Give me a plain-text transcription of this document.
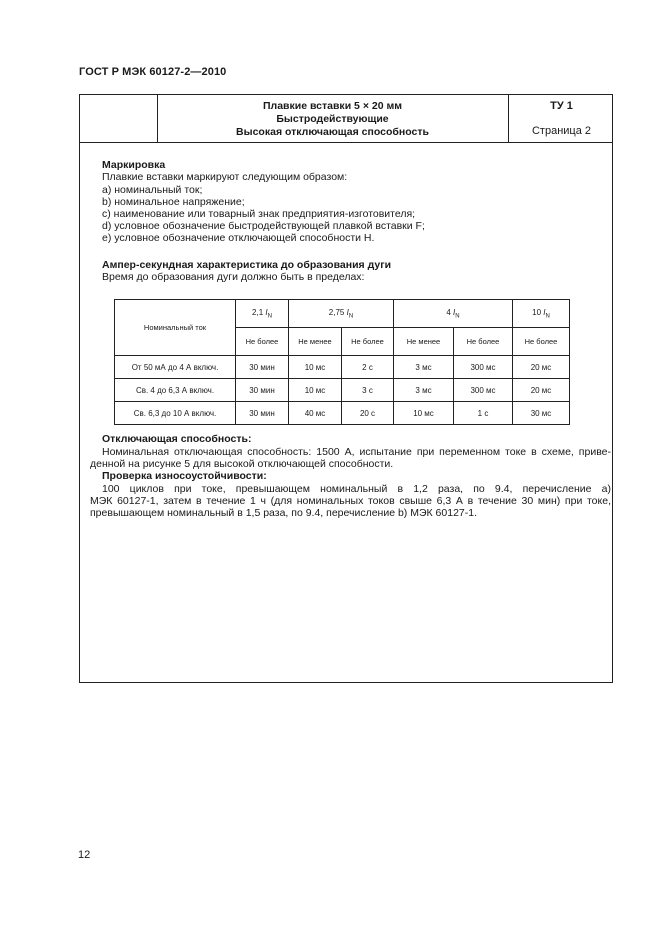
ГОСТ Р МЭК 60127-2—2010
Плавкие вставки 5 × 20 мм
Быстродействующие
Высокая отключающая способность
ТУ 1
Страница 2
Маркировка
Плавкие вставки маркируют следующим образом:
a) номинальный ток;
b) номинальное напряжение;
c) наименование или товарный знак предприятия-изготовителя;
d) условное обозначение быстродействующей плавкой вставки F;
e) условное обозначение отключающей способности H.
Ампер-секундная характеристика до образования дуги
Время до образования дуги должно быть в пределах:
Номинальный ток	2,1 $I_N$	2,75 $I_N$		4 $I_N$		10 $I_N$
	Не более	Не менее	Не более	Не менее	Не более	Не более
От 50 мА до 4 А включ.	30 мин	10 мс	2 с	3 мс	300 мс	20 мс
Св. 4 до 6,3 А включ.	30 мин	10 мс	3 с	3 мс	300 мс	20 мс
Св. 6,3 до 10 А включ.	30 мин	40 мс	20 с	10 мс	1 с	30 мс
Отключающая способность:
Номинальная отключающая способность: 1500 А, испытание при переменном токе в схеме, приве-
денной на рисунке 5 для высокой отключающей способности.
Проверка износоустойчивости:
100 циклов при токе, превышающем номинальный в 1,2 раза, по 9.4, перечисление a)
МЭК 60127-1, затем в течение 1 ч (для номинальных токов свыше 6,3 А в течение 30 мин) при токе,
превышающем номинальный в 1,5 раза, по 9.4, перечисление b) МЭК 60127-1.
12
